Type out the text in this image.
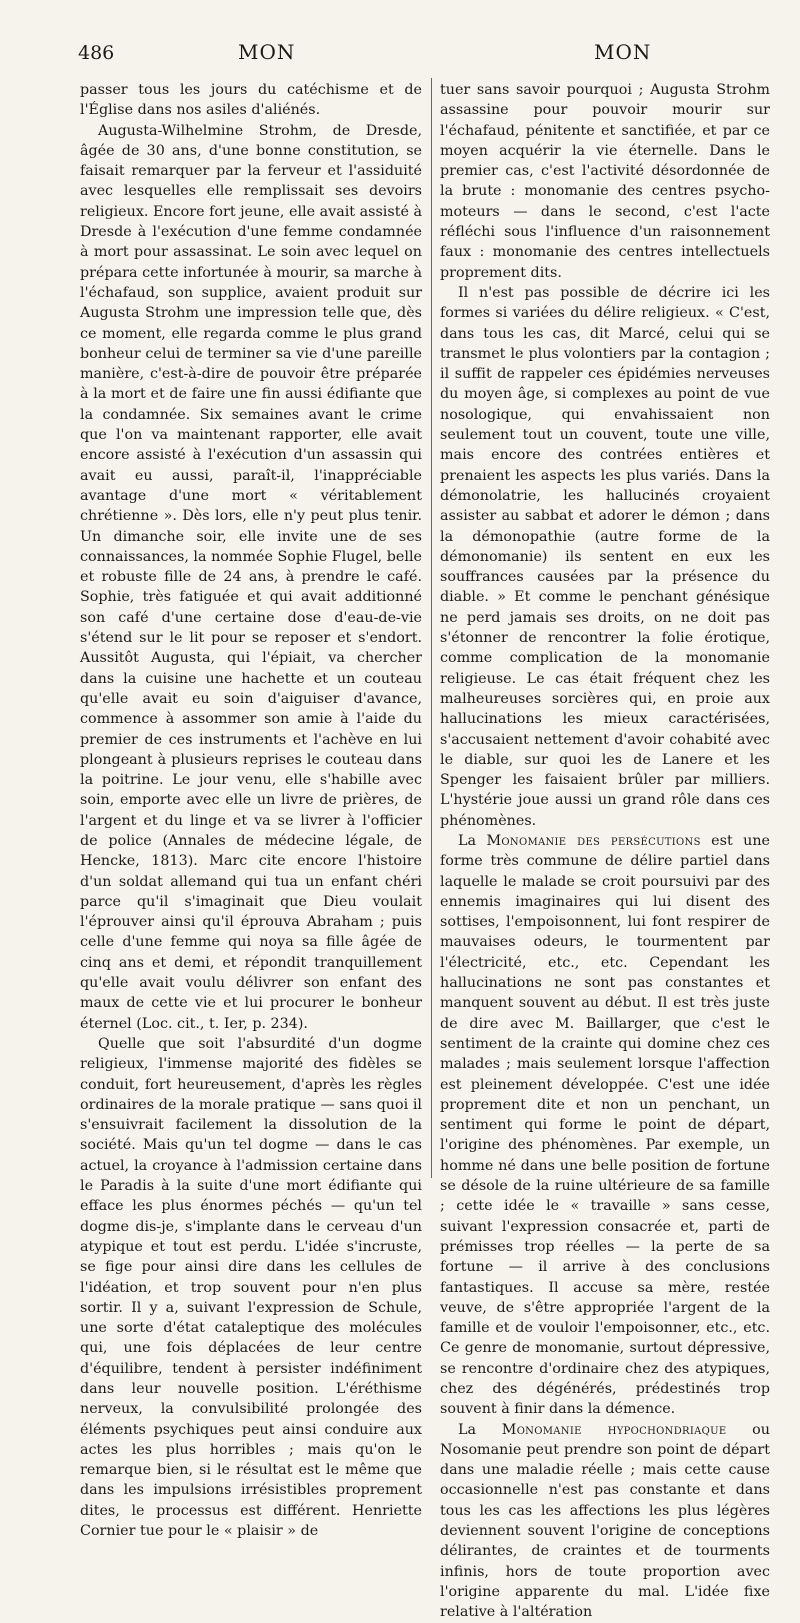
486	MON	MON

passer tous les jours du catéchisme et de l'Église dans nos asiles d'aliénés.

Augusta-Wilhelmine Strohm, de Dresde, âgée de 30 ans, d'une bonne constitution, se faisait remarquer par la ferveur et l'assiduité avec lesquelles elle remplissait ses devoirs religieux. Encore fort jeune, elle avait assisté à Dresde à l'exécution d'une femme condamnée à mort pour assassinat. Le soin avec lequel on prépara cette infortunée à mourir, sa marche à l'échafaud, son supplice, avaient produit sur Augusta Strohm une impression telle que, dès ce moment, elle regarda comme le plus grand bonheur celui de terminer sa vie d'une pareille manière, c'est-à-dire de pouvoir être préparée à la mort et de faire une fin aussi édifiante que la condamnée. Six semaines avant le crime que l'on va maintenant rapporter, elle avait encore assisté à l'exécution d'un assassin qui avait eu aussi, paraît-il, l'inappréciable avantage d'une mort « véritablement chrétienne ». Dès lors, elle n'y peut plus tenir. Un dimanche soir, elle invite une de ses connaissances, la nommée Sophie Flugel, belle et robuste fille de 24 ans, à prendre le café. Sophie, très fatiguée et qui avait additionné son café d'une certaine dose d'eau-de-vie s'étend sur le lit pour se reposer et s'endort. Aussitôt Augusta, qui l'épiait, va chercher dans la cuisine une hachette et un couteau qu'elle avait eu soin d'aiguiser d'avance, commence à assommer son amie à l'aide du premier de ces instruments et l'achève en lui plongeant à plusieurs reprises le couteau dans la poitrine. Le jour venu, elle s'habille avec soin, emporte avec elle un livre de prières, de l'argent et du linge et va se livrer à l'officier de police (Annales de médecine légale, de Hencke, 1813). Marc cite encore l'histoire d'un soldat allemand qui tua un enfant chéri parce qu'il s'imaginait que Dieu voulait l'éprouver ainsi qu'il éprouva Abraham ; puis celle d'une femme qui noya sa fille âgée de cinq ans et demi, et répondit tranquillement qu'elle avait voulu délivrer son enfant des maux de cette vie et lui procurer le bonheur éternel (Loc. cit., t. Ier, p. 234).

Quelle que soit l'absurdité d'un dogme religieux, l'immense majorité des fidèles se conduit, fort heureusement, d'après les règles ordinaires de la morale pratique — sans quoi il s'ensuivrait facilement la dissolution de la société. Mais qu'un tel dogme — dans le cas actuel, la croyance à l'admission certaine dans le Paradis à la suite d'une mort édifiante qui efface les plus énormes péchés — qu'un tel dogme dis-je, s'implante dans le cerveau d'un atypique et tout est perdu. L'idée s'incruste, se fige pour ainsi dire dans les cellules de l'idéation, et trop souvent pour n'en plus sortir. Il y a, suivant l'expression de Schule, une sorte d'état cataleptique des molécules qui, une fois déplacées de leur centre d'équilibre, tendent à persister indéfiniment dans leur nouvelle position. L'éréthisme nerveux, la convulsibilité prolongée des éléments psychiques peut ainsi conduire aux actes les plus horribles ; mais qu'on le remarque bien, si le résultat est le même que dans les impulsions irrésistibles proprement dites, le processus est différent. Henriette Cornier tue pour le « plaisir » de

tuer sans savoir pourquoi ; Augusta Strohm assassine pour pouvoir mourir sur l'échafaud, pénitente et sanctifiée, et par ce moyen acquérir la vie éternelle. Dans le premier cas, c'est l'activité désordonnée de la brute : monomanie des centres psycho-moteurs — dans le second, c'est l'acte réfléchi sous l'influence d'un raisonnement faux : monomanie des centres intellectuels proprement dits.

Il n'est pas possible de décrire ici les formes si variées du délire religieux. « C'est, dans tous les cas, dit Marcé, celui qui se transmet le plus volontiers par la contagion ; il suffit de rappeler ces épidémies nerveuses du moyen âge, si complexes au point de vue nosologique, qui envahissaient non seulement tout un couvent, toute une ville, mais encore des contrées entières et prenaient les aspects les plus variés. Dans la démonolatrie, les hallucinés croyaient assister au sabbat et adorer le démon ; dans la démonopathie (autre forme de la démonomanie) ils sentent en eux les souffrances causées par la présence du diable. » Et comme le penchant génésique ne perd jamais ses droits, on ne doit pas s'étonner de rencontrer la folie érotique, comme complication de la monomanie religieuse. Le cas était fréquent chez les malheureuses sorcières qui, en proie aux hallucinations les mieux caractérisées, s'accusaient nettement d'avoir cohabité avec le diable, sur quoi les de Lanere et les Spenger les faisaient brûler par milliers. L'hystérie joue aussi un grand rôle dans ces phénomènes.

La Monomanie des persécutions est une forme très commune de délire partiel dans laquelle le malade se croit poursuivi par des ennemis imaginaires qui lui disent des sottises, l'empoisonnent, lui font respirer de mauvaises odeurs, le tourmentent par l'électricité, etc., etc. Cependant les hallucinations ne sont pas constantes et manquent souvent au début. Il est très juste de dire avec M. Baillarger, que c'est le sentiment de la crainte qui domine chez ces malades ; mais seulement lorsque l'affection est pleinement développée. C'est une idée proprement dite et non un penchant, un sentiment qui forme le point de départ, l'origine des phénomènes. Par exemple, un homme né dans une belle position de fortune se désole de la ruine ultérieure de sa famille ; cette idée le « travaille » sans cesse, suivant l'expression consacrée et, parti de prémisses trop réelles — la perte de sa fortune — il arrive à des conclusions fantastiques. Il accuse sa mère, restée veuve, de s'être appropriée l'argent de la famille et de vouloir l'empoisonner, etc., etc. Ce genre de monomanie, surtout dépressive, se rencontre d'ordinaire chez des atypiques, chez des dégénérés, prédestinés trop souvent à finir dans la démence.

La Monomanie hypochondriaque ou Nosomanie peut prendre son point de départ dans une maladie réelle ; mais cette cause occasionnelle n'est pas constante et dans tous les cas les affections les plus légères deviennent souvent l'origine de conceptions délirantes, de craintes et de tourments infinis, hors de toute proportion avec l'origine apparente du mal. L'idée fixe relative à l'altération
